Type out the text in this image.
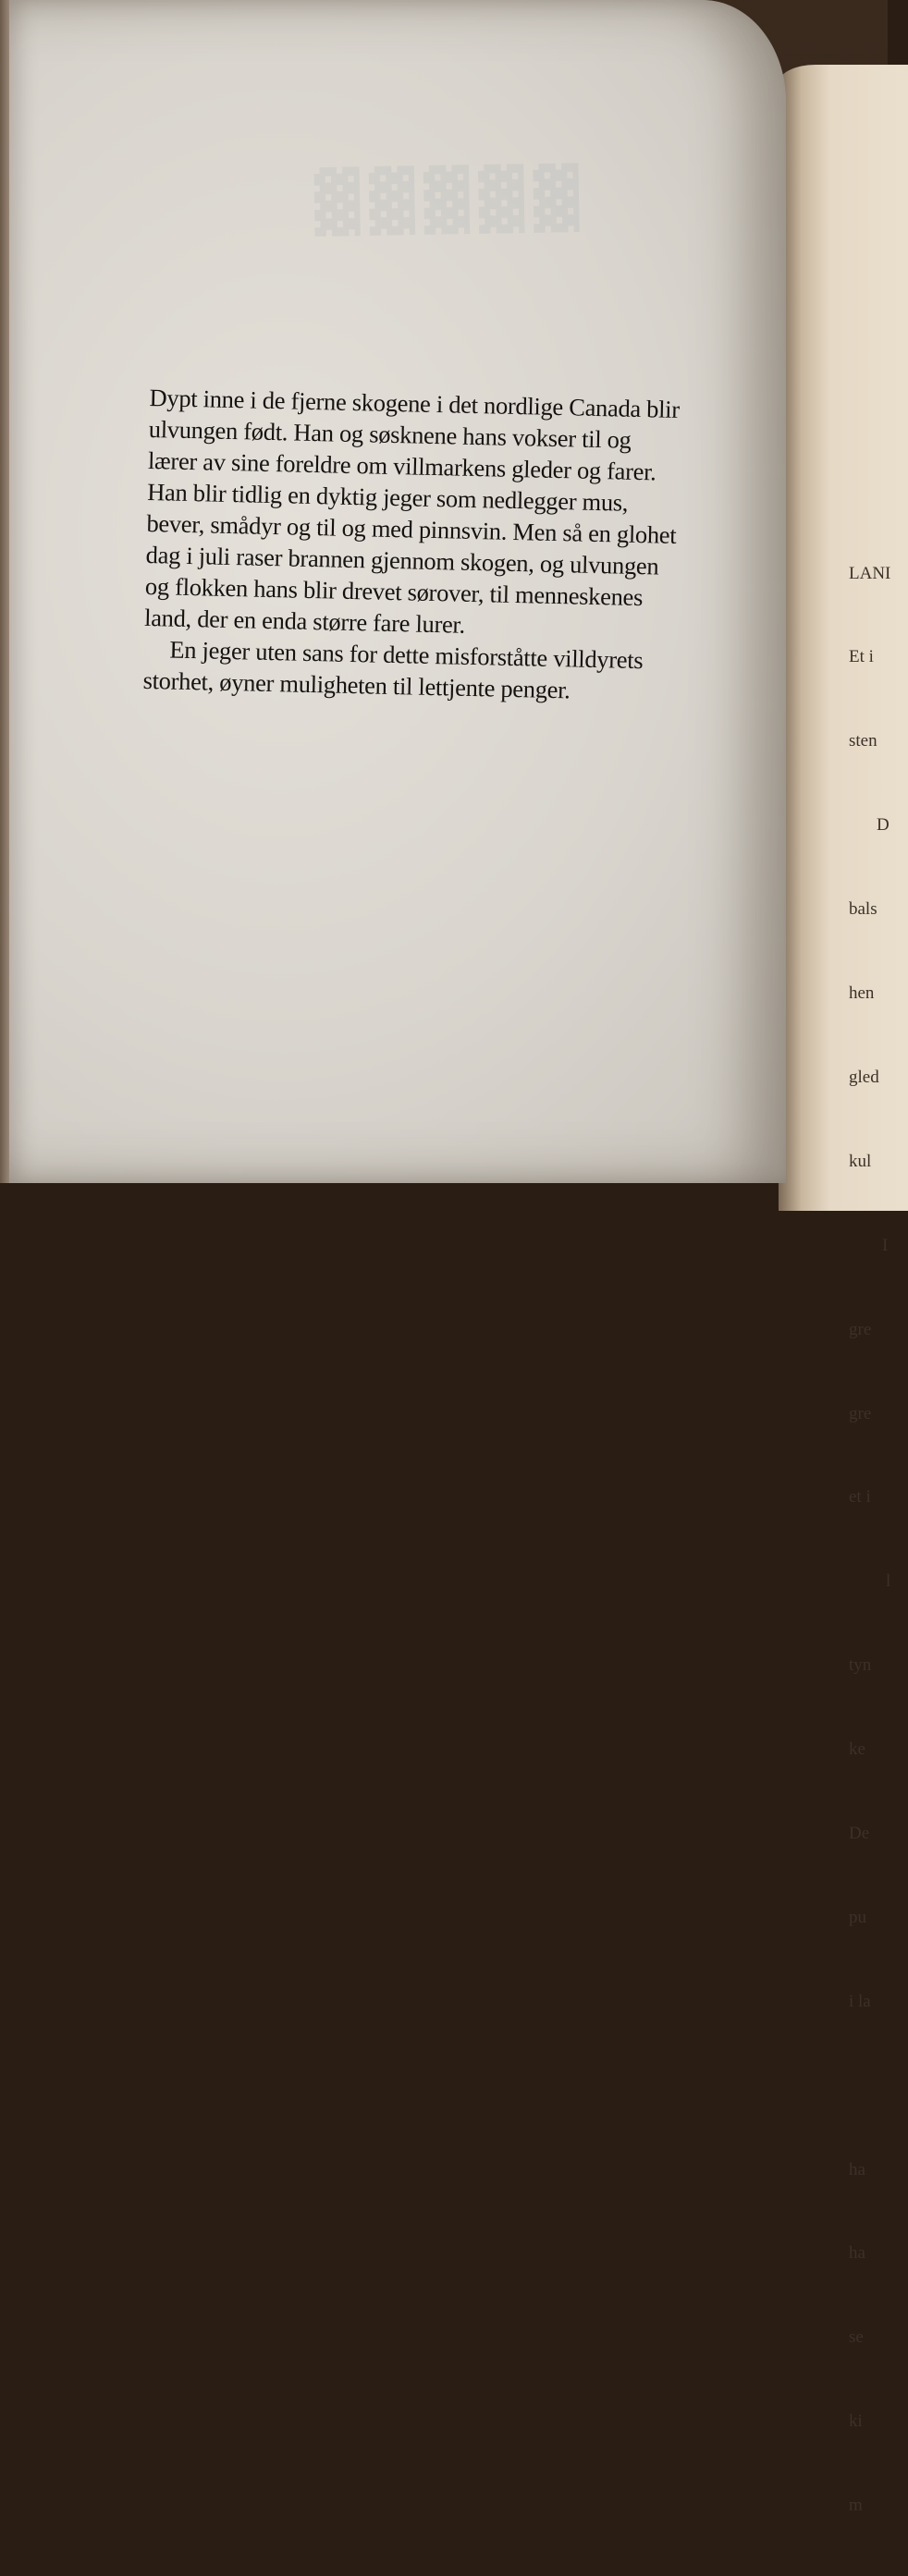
LANI

Et i

sten

D

bals

hen

gled

kul

I

gre

gre

et i

l

tyn

ke

De

pu

i la

ha

ha

se

ki

m

▓▓▓▓▓
Dypt inne i de fjerne skogene i det nordlige Canada blir
ulvungen født. Han og søsknene hans vokser til og
lærer av sine foreldre om villmarkens gleder og farer.
Han blir tidlig en dyktig jeger som nedlegger mus,
bever, smådyr og til og med pinnsvin. Men så en glohet
dag i juli raser brannen gjennom skogen, og ulvungen
og flokken hans blir drevet sørover, til menneskenes
land, der en enda større fare lurer.
En jeger uten sans for dette misforståtte villdyrets
storhet, øyner muligheten til lettjente penger.
